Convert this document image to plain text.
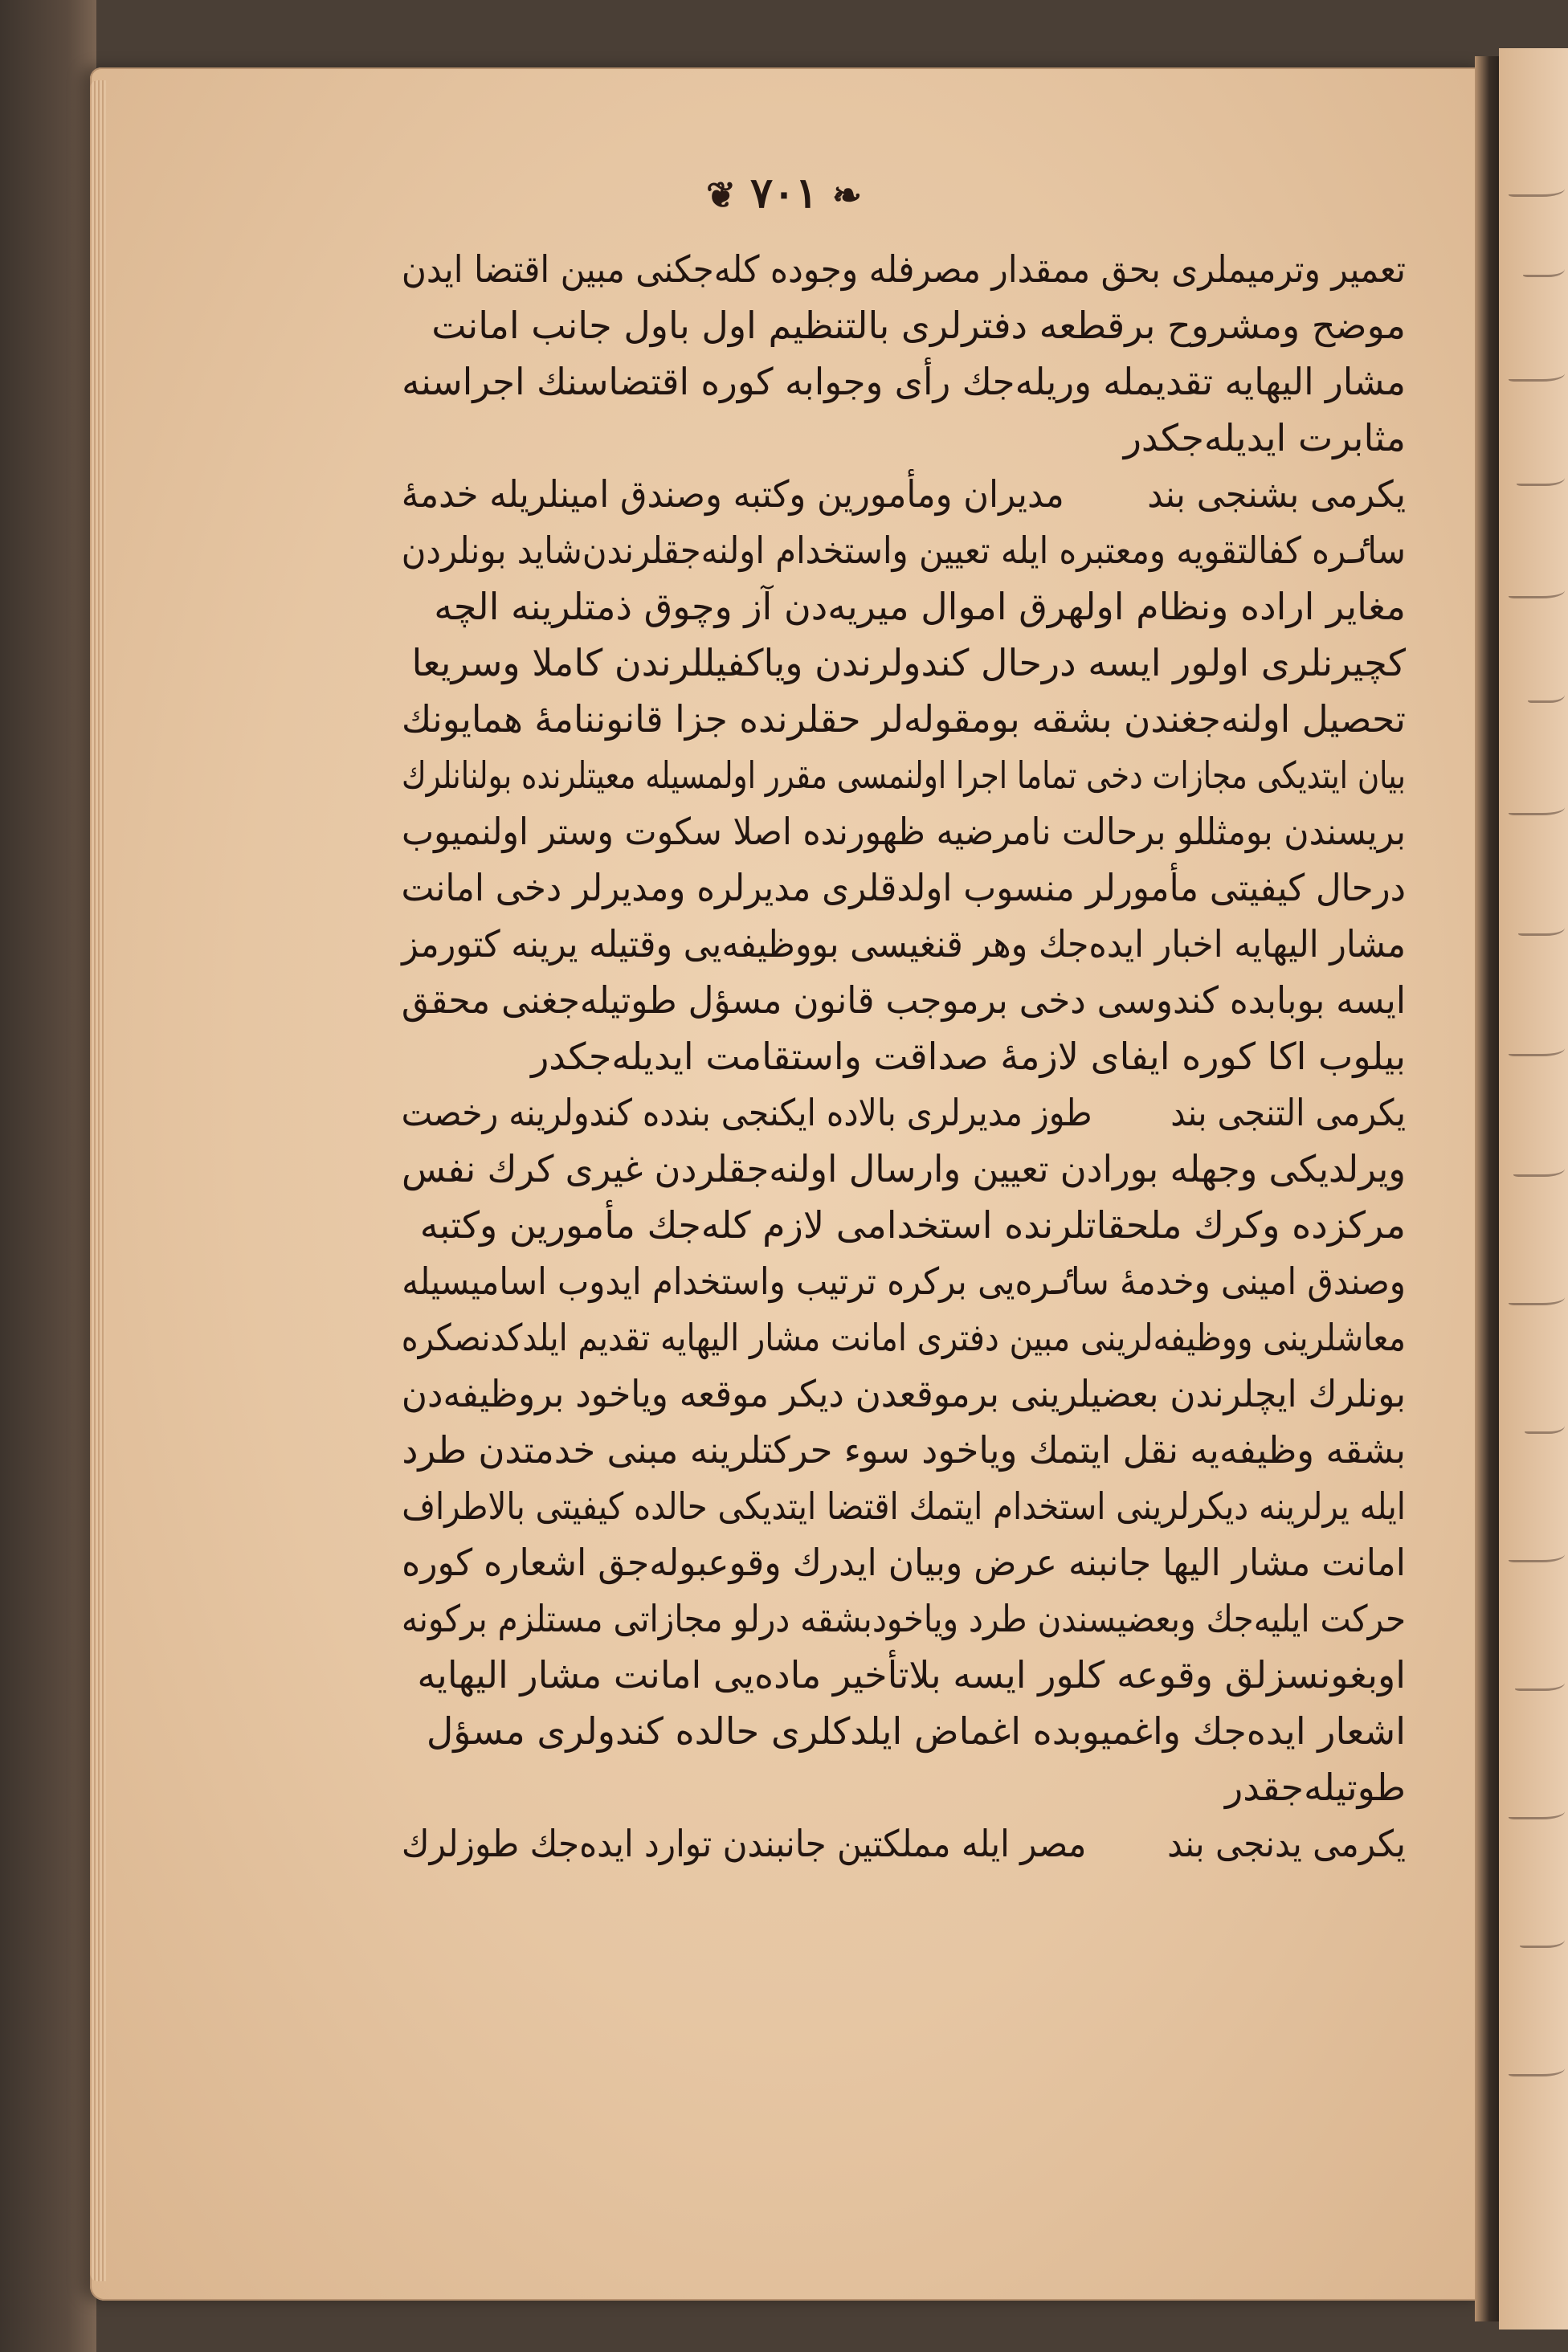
❦ ٧٠١ ❧
تعمیر وترمیملری بحق ممقدار مصرفله وجوده کله‌جکنی مبین اقتضا ایدن
موضح ومشروح برقطعه دفترلری بالتنظیم اول باول جانب امانت
مشار الیهایه تقدیمله وریله‌جك رأی وجوابه کوره اقتضاسنك اجراسنه
مثابرت ایدیله‌جکدر
یکرمی بشنجی بندمدیران ومأمورین وکتبه وصندق امینلریله خدمهٔ
ساٸره کفالتقویه ومعتبره ایله تعیین واستخدام اولنه‌جقلرندن‌شاید بونلردن
مغایر اراده ونظام اولهرق اموال میریه‌دن آز وچوق ذمتلرینه الچه
کچیرنلری اولور ایسه درحال کندولرندن ویاکفیللرندن کاملا وسریعا
تحصیل اولنه‌جغندن بشقه بومقوله‌لر حقلرنده جزا قانوننامهٔ همایونك
بیان ایتدیکی مجازات دخی تماما اجرا اولنمسی مقرر اولمسیله معیتلرنده بولنانلرك
بریسندن بومثللو برحالت نامرضیه ظهورنده اصلا سکوت وستر اولنمیوب
درحال کیفیتی مأمورلر منسوب اولدقلری مدیرلره ومدیرلر دخی امانت
مشار الیهایه اخبار ایده‌جك وهر قنغیسی بووظیفه‌یی وقتیله یرینه کتورمز
ایسه بوبابده کندوسی دخی برموجب قانون مسؤل طوتیله‌جغنی محقق
بیلوب اکا کوره ایفای لازمهٔ صداقت واستقامت ایدیله‌جکدر
یکرمی التنجی بندطوز مدیرلری بالاده ایکنجی بندده کندولرینه رخصت
ویرلدیکی وجهله بورادن تعیین وارسال اولنه‌جقلردن غیری کرك نفس
مرکزده وکرك ملحقاتلرنده استخدامی لازم کله‌جك مأمورین وکتبه
وصندق امینی وخدمهٔ ساٸره‌یی برکره ترتیب واستخدام ایدوب اسامیسیله
معاشلرینی ووظیفه‌لرینی مبین دفتری امانت مشار الیهایه تقدیم ایلدکدنصکره
بونلرك ایچلرندن بعضیلرینی برموقعدن دیکر موقعه ویاخود بروظیفه‌دن
بشقه وظیفه‌یه نقل ایتمك ویاخود سوء حرکتلرینه مبنی خدمتدن طرد
ایله یرلرینه دیکرلرینی استخدام ایتمك اقتضا ایتدیکی حالده کیفیتی بالاطراف
امانت مشار الیها جانبنه عرض وبیان ایدرك وقوعبوله‌جق اشعاره کوره
حرکت ایلیه‌جك وبعضیسندن طرد ویاخودبشقه درلو مجازاتی مستلزم برکونه
اوبغونسزلق وقوعه کلور ایسه بلاتأخیر ماده‌یی امانت مشار الیهایه
اشعار ایده‌جك واغمیوبده اغماض ایلدکلری حالده کندولری مسؤل
طوتیله‌جقدر
یکرمی یدنجی بندمصر ایله مملکتین جانبندن توارد ایده‌جك طوزلرك
